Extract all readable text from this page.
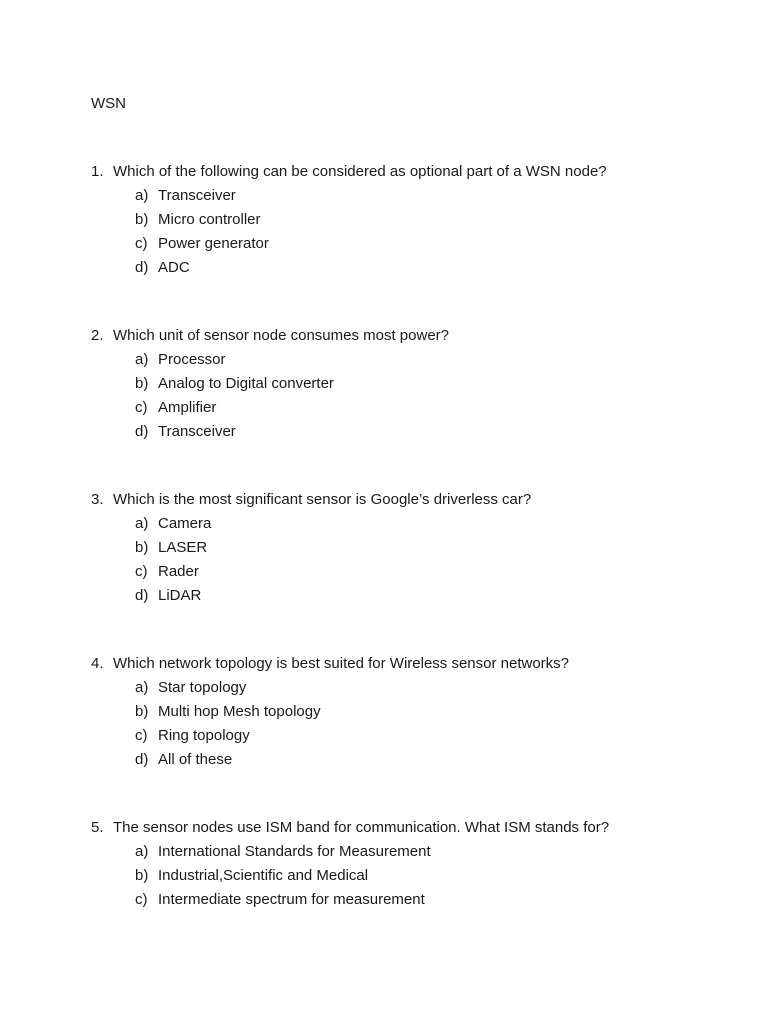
WSN
1. Which of the following can be considered as optional part of a WSN node?
a) Transceiver
b) Micro controller
c) Power generator
d) ADC
2. Which unit of sensor node consumes most power?
a) Processor
b) Analog to Digital converter
c) Amplifier
d) Transceiver
3. Which is the most significant sensor is Google’s driverless car?
a) Camera
b) LASER
c) Rader
d) LiDAR
4. Which network topology is best suited for Wireless sensor networks?
a) Star topology
b) Multi hop Mesh topology
c) Ring topology
d) All of these
5. The sensor nodes use ISM band for communication. What ISM stands for?
a) International Standards for Measurement
b) Industrial,Scientific and Medical
c) Intermediate spectrum for measurement
